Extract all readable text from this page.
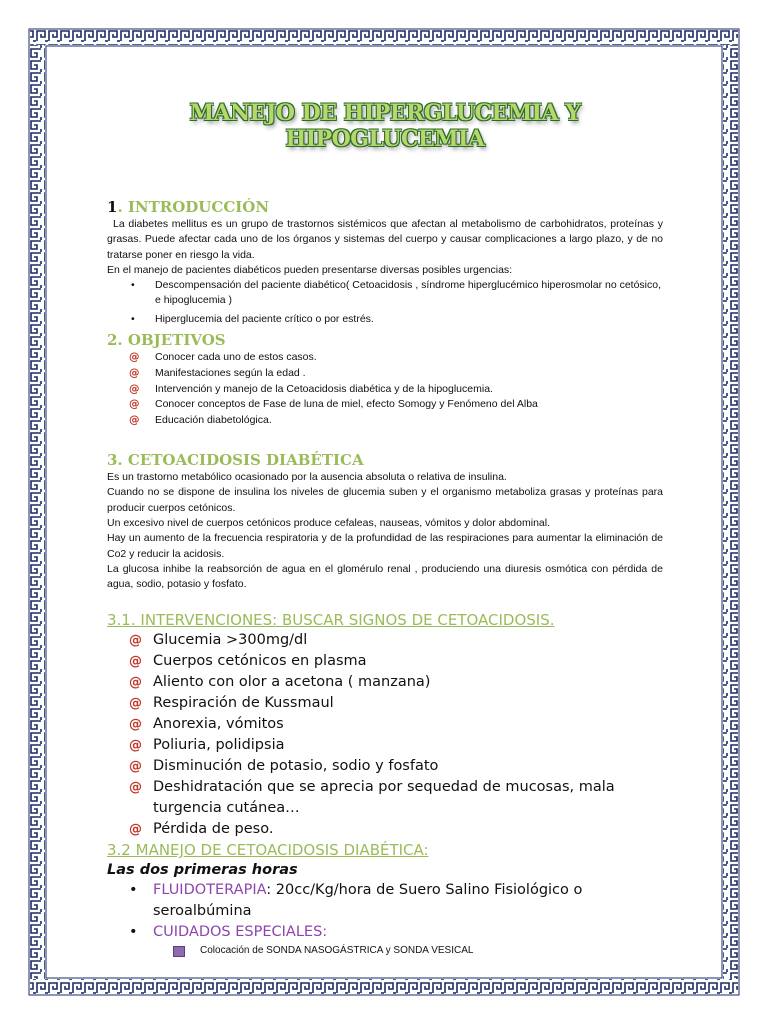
MANEJO DE HIPERGLUCEMIA Y HIPOGLUCEMIA

1. INTRODUCCIÓN

La diabetes mellitus es un grupo de trastornos sistémicos que afectan al metabolismo de carbohidratos, proteínas y grasas. Puede afectar cada uno de los órganos y sistemas del cuerpo y causar complicaciones a largo plazo, y de no tratarse poner en riesgo la vida.

En el manejo de pacientes diabéticos pueden presentarse diversas posibles urgencias:

• Descompensación del paciente diabético( Cetoacidosis , síndrome hiperglucémico hiperosmolar no cetósico, e hipoglucemia )
• Hiperglucemia del paciente crítico o por estrés.

2. OBJETIVOS

@ Conocer cada uno de estos casos.
@ Manifestaciones según la edad .
@ Intervención y manejo de la Cetoacidosis diabética y de la hipoglucemia.
@ Conocer conceptos de Fase de luna de miel, efecto Somogy y Fenómeno del Alba
@ Educación diabetológica.

3. CETOACIDOSIS DIABÉTICA

Es un trastorno metabólico ocasionado por la ausencia absoluta o relativa de insulina.

Cuando no se dispone de insulina los niveles de glucemia suben y el organismo metaboliza grasas y proteínas para producir cuerpos cetónicos.

Un excesivo nivel de cuerpos cetónicos produce cefaleas, nauseas, vómitos y dolor abdominal.

Hay un aumento de la frecuencia respiratoria y de la profundidad de las respiraciones para aumentar la eliminación de Co2 y reducir la acidosis.

La glucosa inhibe la reabsorción de agua en el glomérulo renal , produciendo una diuresis osmótica con pérdida de agua, sodio, potasio y fosfato.

3.1. INTERVENCIONES: BUSCAR SIGNOS DE CETOACIDOSIS.

@ Glucemia >300mg/dl
@ Cuerpos cetónicos en plasma
@ Aliento con olor a acetona ( manzana)
@ Respiración de Kussmaul
@ Anorexia, vómitos
@ Poliuria, polidipsia
@ Disminución de potasio, sodio y fosfato
@ Deshidratación que se aprecia por sequedad de mucosas, mala turgencia cutánea…
@ Pérdida de peso.

3.2 MANEJO DE CETOACIDOSIS DIABÉTICA:

Las dos primeras horas

• FLUIDOTERAPIA: 20cc/Kg/hora de Suero Salino Fisiológico o seroalbúmina
• CUIDADOS ESPECIALES:

Colocación de SONDA NASOGÁSTRICA y SONDA VESICAL
